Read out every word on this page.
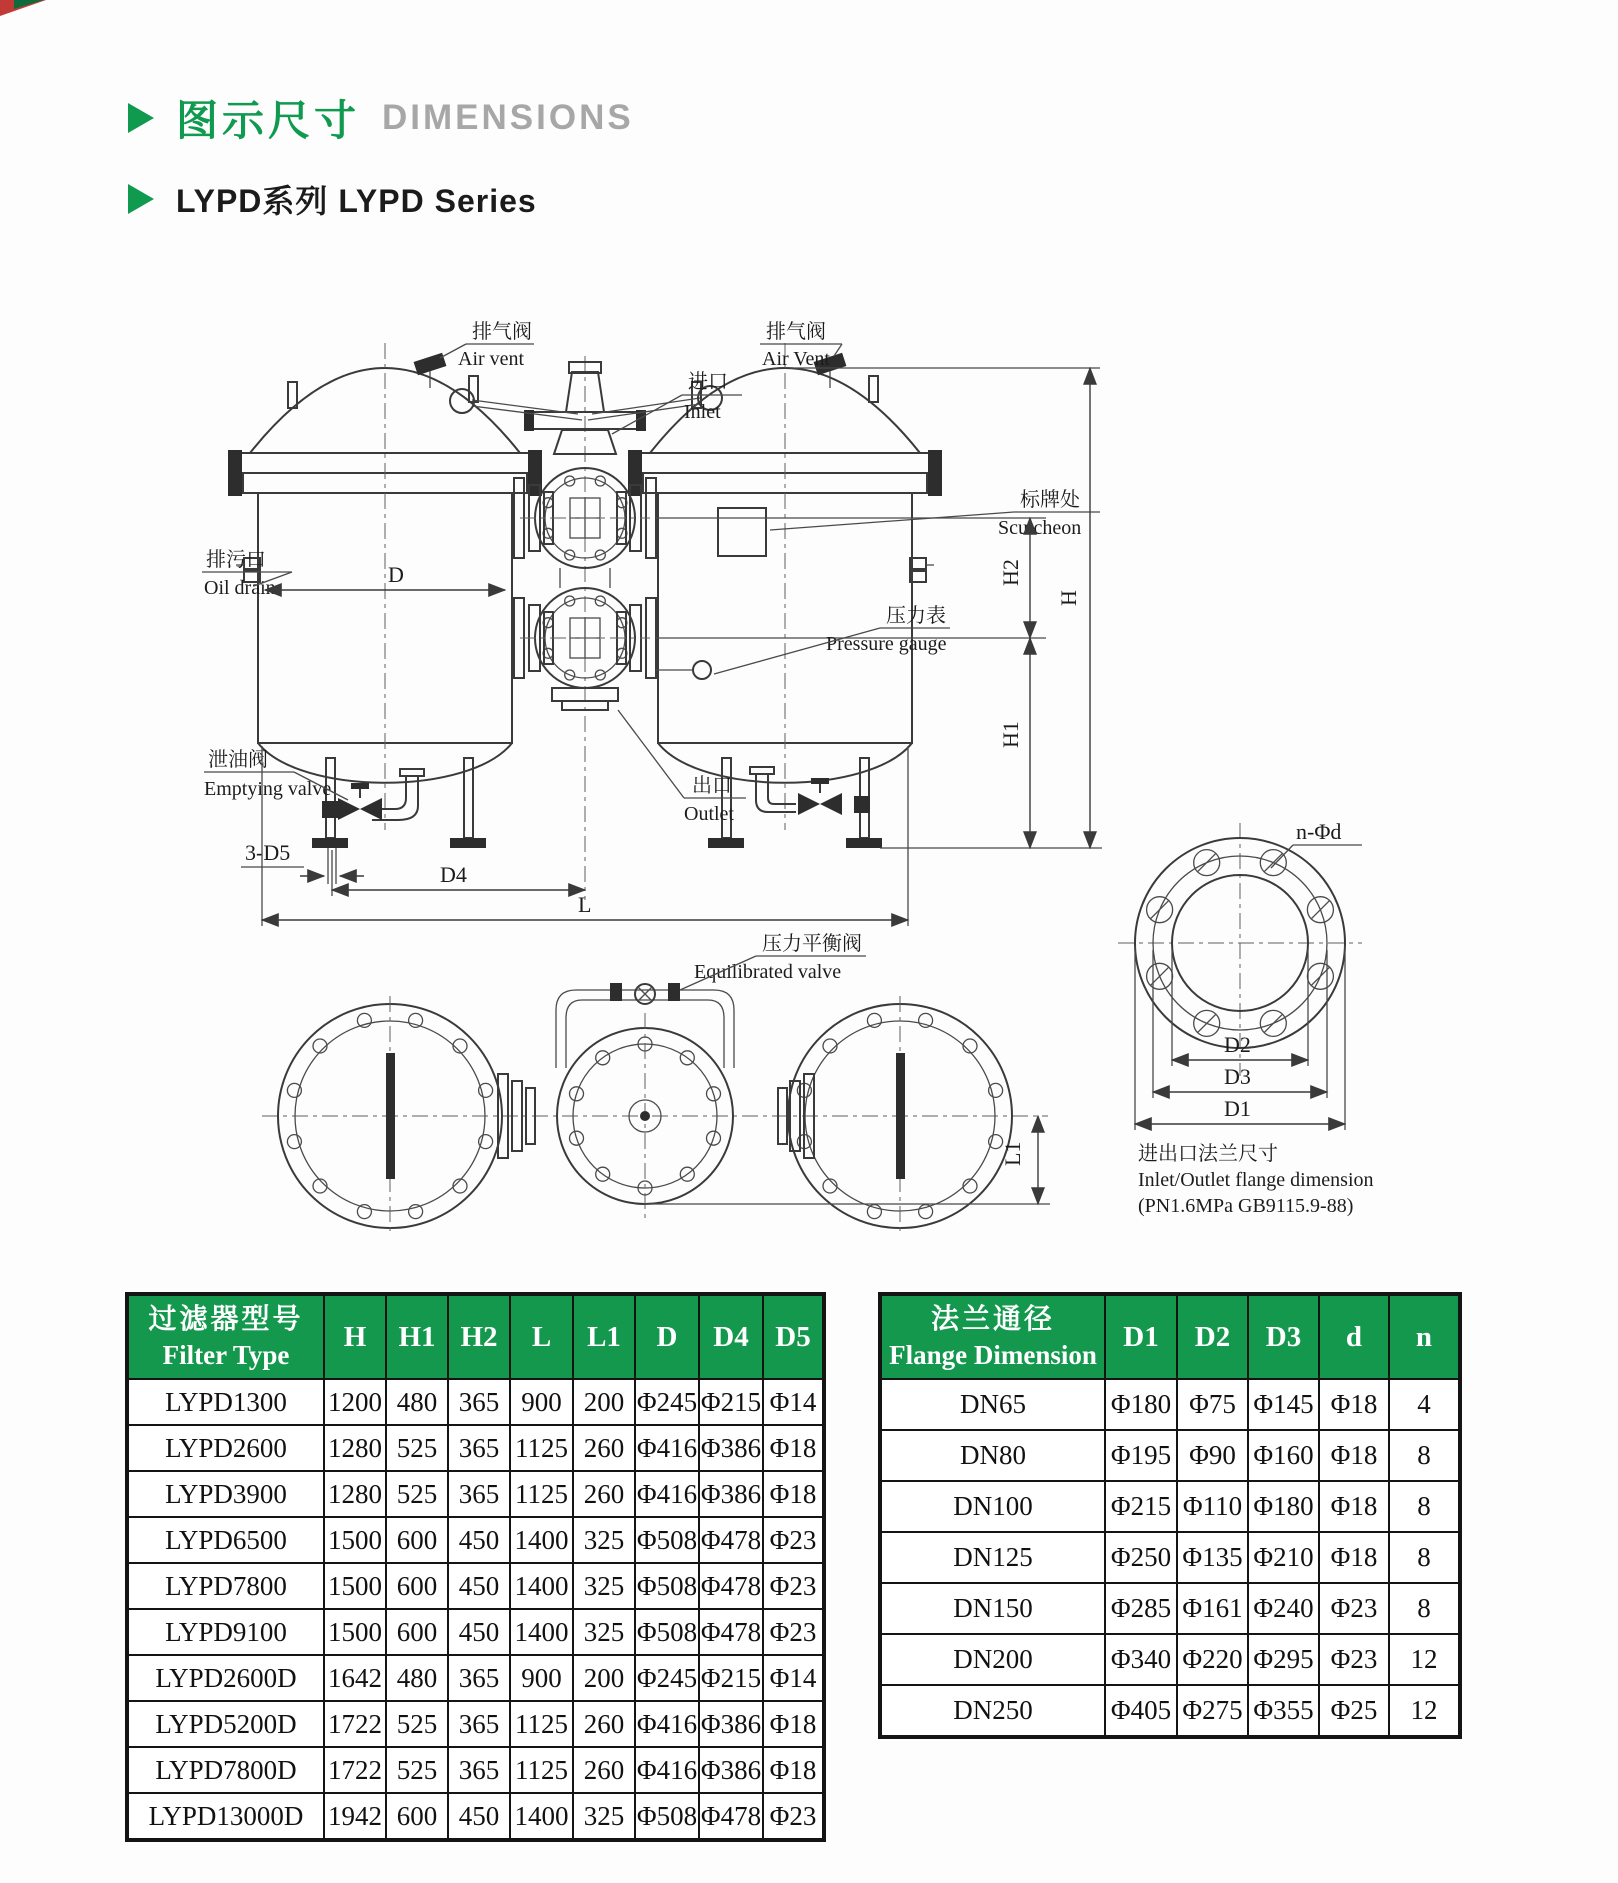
图示尺寸 DIMENSIONS
LYPD系列 LYPD Series
排气阀
Air vent
排气阀
Air Vent
进口
Inlet
标牌处
Scutcheon
排污口
Oil drain
压力表
Pressure gauge
泄油阀
Emptying valve	出口
Outlet
D	H2
H1
H
3-D5
D4
L
压力平衡阀
Equilibrated valve
L1
n-Φd
D2
D3
D1
进出口法兰尺寸
Inlet/Outlet flange dimension
(PN1.6MPa GB9115.9-88)
过滤器型号
Filter Type	H	H1	H2	L	L1	D	D4	D5
LYPD1300	1200	480	365	900	200	Φ245	Φ215	Φ14
LYPD2600	1280	525	365	1125	260	Φ416	Φ386	Φ18
LYPD3900	1280	525	365	1125	260	Φ416	Φ386	Φ18
LYPD6500	1500	600	450	1400	325	Φ508	Φ478	Φ23
LYPD7800	1500	600	450	1400	325	Φ508	Φ478	Φ23
LYPD9100	1500	600	450	1400	325	Φ508	Φ478	Φ23
LYPD2600D	1642	480	365	900	200	Φ245	Φ215	Φ14
LYPD5200D	1722	525	365	1125	260	Φ416	Φ386	Φ18
LYPD7800D	1722	525	365	1125	260	Φ416	Φ386	Φ18
LYPD13000D	1942	600	450	1400	325	Φ508	Φ478	Φ23
法兰通径
Flange Dimension	D1	D2	D3	d	n
DN65	Φ180	Φ75	Φ145	Φ18	4
DN80	Φ195	Φ90	Φ160	Φ18	8
DN100	Φ215	Φ110	Φ180	Φ18	8
DN125	Φ250	Φ135	Φ210	Φ18	8
DN150	Φ285	Φ161	Φ240	Φ23	8
DN200	Φ340	Φ220	Φ295	Φ23	12
DN250	Φ405	Φ275	Φ355	Φ25	12
